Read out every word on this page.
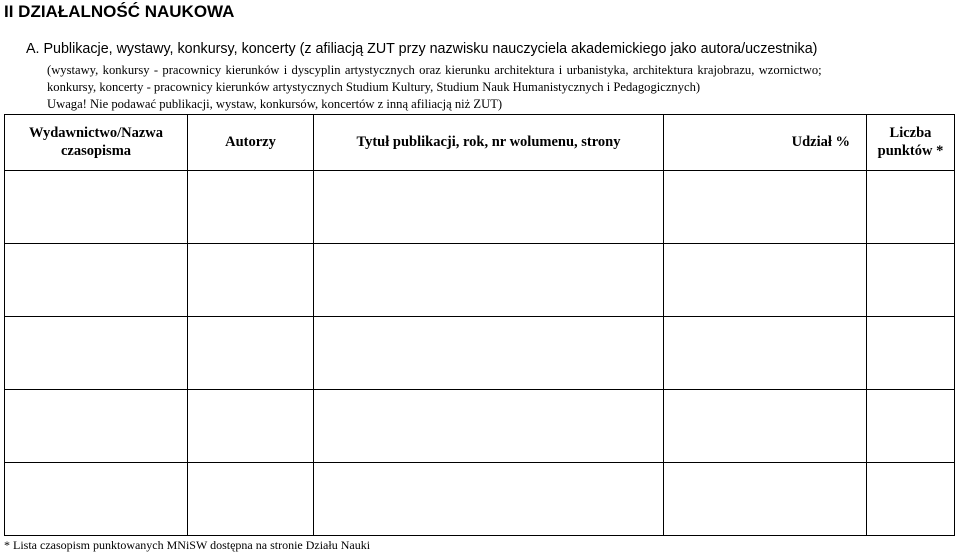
II DZIAŁALNOŚĆ NAUKOWA
A. Publikacje, wystawy, konkursy, koncerty (z afiliacją ZUT przy nazwisku nauczyciela akademickiego jako autora/uczestnika)
(wystawy, konkursy - pracownicy kierunków i dyscyplin artystycznych oraz kierunku architektura i urbanistyka, architektura krajobrazu, wzornictwo;
konkursy, koncerty - pracownicy kierunków artystycznych Studium Kultury, Studium Nauk Humanistycznych i Pedagogicznych)
Uwaga! Nie podawać publikacji, wystaw, konkursów, koncertów z inną afiliacją niż ZUT)
Wydawnictwo/Nazwa czasopisma	Autorzy	Tytuł publikacji, rok, nr wolumenu, strony	Udział %	Liczba punktów *

* Lista czasopism punktowanych MNiSW dostępna na stronie Działu Nauki
